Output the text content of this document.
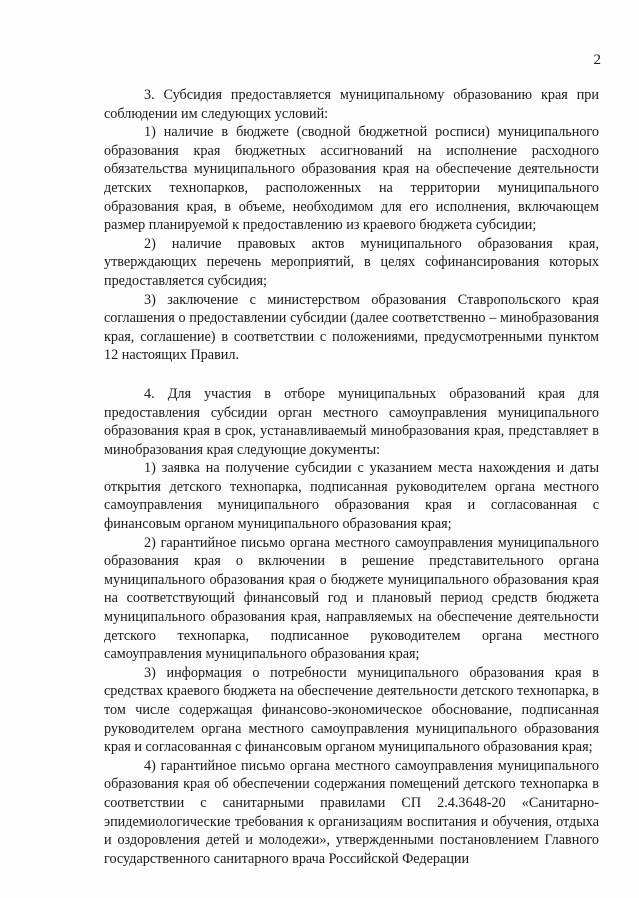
2

3. Субсидия предоставляется муниципальному образованию края при соблюдении им следующих условий:

1) наличие в бюджете (сводной бюджетной росписи) муниципального образования края бюджетных ассигнований на исполнение расходного обязательства муниципального образования края на обеспечение деятельности детских технопарков, расположенных на территории муниципального образования края, в объеме, необходимом для его исполнения, включающем размер планируемой к предоставлению из краевого бюджета субсидии;

2) наличие правовых актов муниципального образования края, утверждающих перечень мероприятий, в целях софинансирования которых предоставляется субсидия;

3) заключение с министерством образования Ставропольского края соглашения о предоставлении субсидии (далее соответственно – минобразования края, соглашение) в соответствии с положениями, предусмотренными пунктом 12 настоящих Правил.

4. Для участия в отборе муниципальных образований края для предоставления субсидии орган местного самоуправления муниципального образования края в срок, устанавливаемый минобразования края, представляет в минобразования края следующие документы:

1) заявка на получение субсидии с указанием места нахождения и даты открытия детского технопарка, подписанная руководителем органа местного самоуправления муниципального образования края и согласованная с финансовым органом муниципального образования края;

2) гарантийное письмо органа местного самоуправления муниципального образования края о включении в решение представительного органа муниципального образования края о бюджете муниципального образования края на соответствующий финансовый год и плановый период средств бюджета муниципального образования края, направляемых на обеспечение деятельности детского технопарка, подписанное руководителем органа местного самоуправления муниципального образования края;

3) информация о потребности муниципального образования края в средствах краевого бюджета на обеспечение деятельности детского технопарка, в том числе содержащая финансово-экономическое обоснование, подписанная руководителем органа местного самоуправления муниципального образования края и согласованная с финансовым органом муниципального образования края;

4) гарантийное письмо органа местного самоуправления муниципального образования края об обеспечении содержания помещений детского технопарка в соответствии с санитарными правилами СП 2.4.3648-20 «Санитарно-эпидемиологические требования к организациям воспитания и обучения, отдыха и оздоровления детей и молодежи», утвержденными постановлением Главного государственного санитарного врача Российской Федерации
